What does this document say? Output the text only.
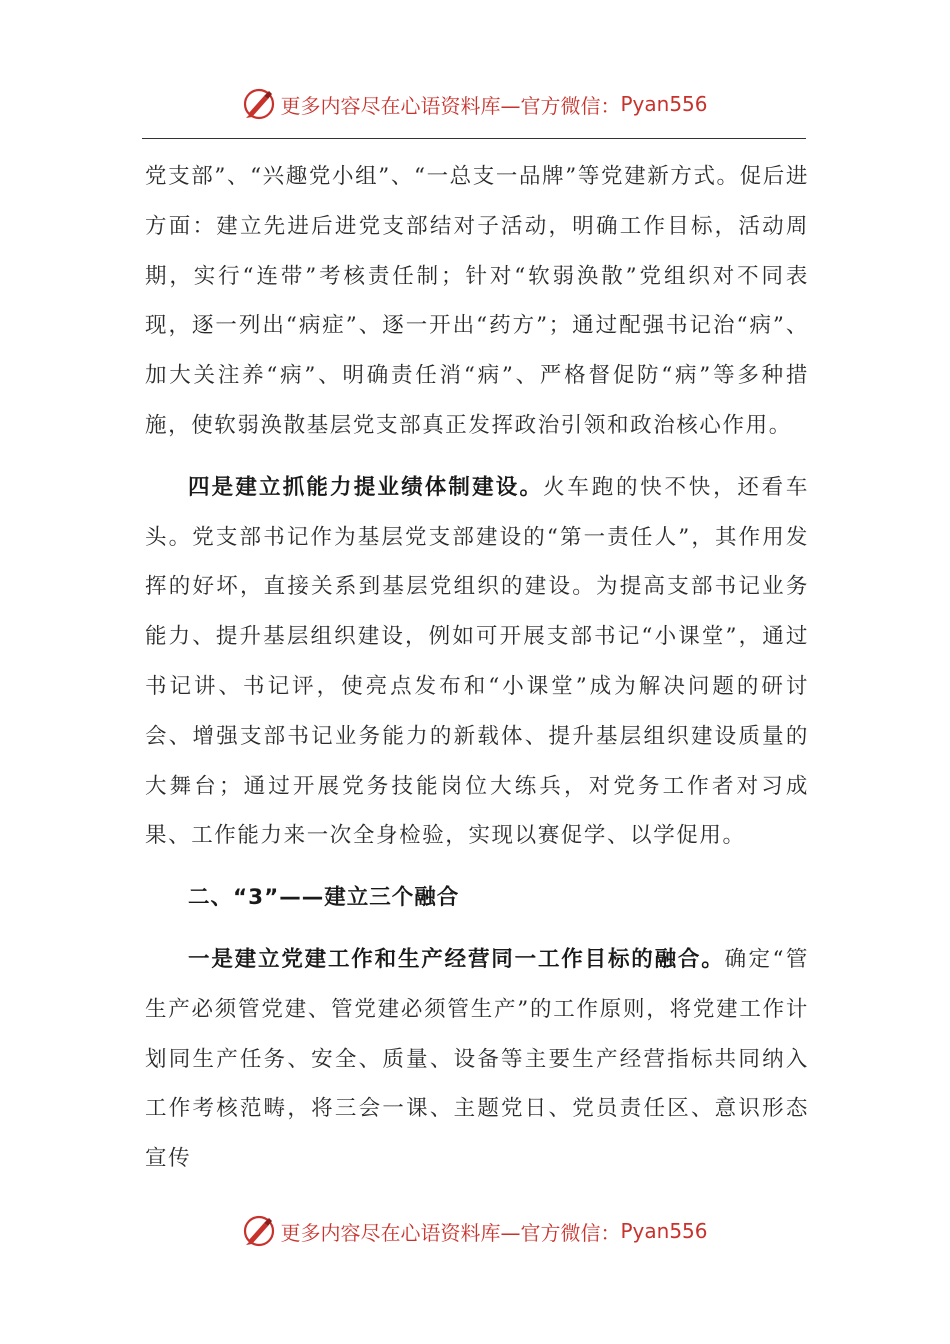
更多内容尽在心语资料库—官方微信： Pyan556

党支部”、“兴趣党小组”、“一总支一品牌”等党建新方式。促后进方面：建立先进后进党支部结对子活动，明确工作目标，活动周期，实行“连带”考核责任制；针对“软弱涣散”党组织对不同表现，逐一列出“病症”、逐一开出“药方”；通过配强书记治“病”、加大关注养“病”、明确责任消“病”、严格督促防“病”等多种措施，使软弱涣散基层党支部真正发挥政治引领和政治核心作用。

四是建立抓能力提业绩体制建设。火车跑的快不快，还看车头。党支部书记作为基层党支部建设的“第一责任人”，其作用发挥的好坏，直接关系到基层党组织的建设。为提高支部书记业务能力、提升基层组织建设，例如可开展支部书记“小课堂”，通过书记讲、书记评，使亮点发布和“小课堂”成为解决问题的研讨会、增强支部书记业务能力的新载体、提升基层组织建设质量的大舞台；通过开展党务技能岗位大练兵，对党务工作者对习成果、工作能力来一次全身检验，实现以赛促学、以学促用。

二、“3”——建立三个融合

一是建立党建工作和生产经营同一工作目标的融合。确定“管生产必须管党建、管党建必须管生产”的工作原则，将党建工作计划同生产任务、安全、质量、设备等主要生产经营指标共同纳入工作考核范畴，将三会一课、主题党日、党员责任区、意识形态宣传

更多内容尽在心语资料库—官方微信： Pyan556
